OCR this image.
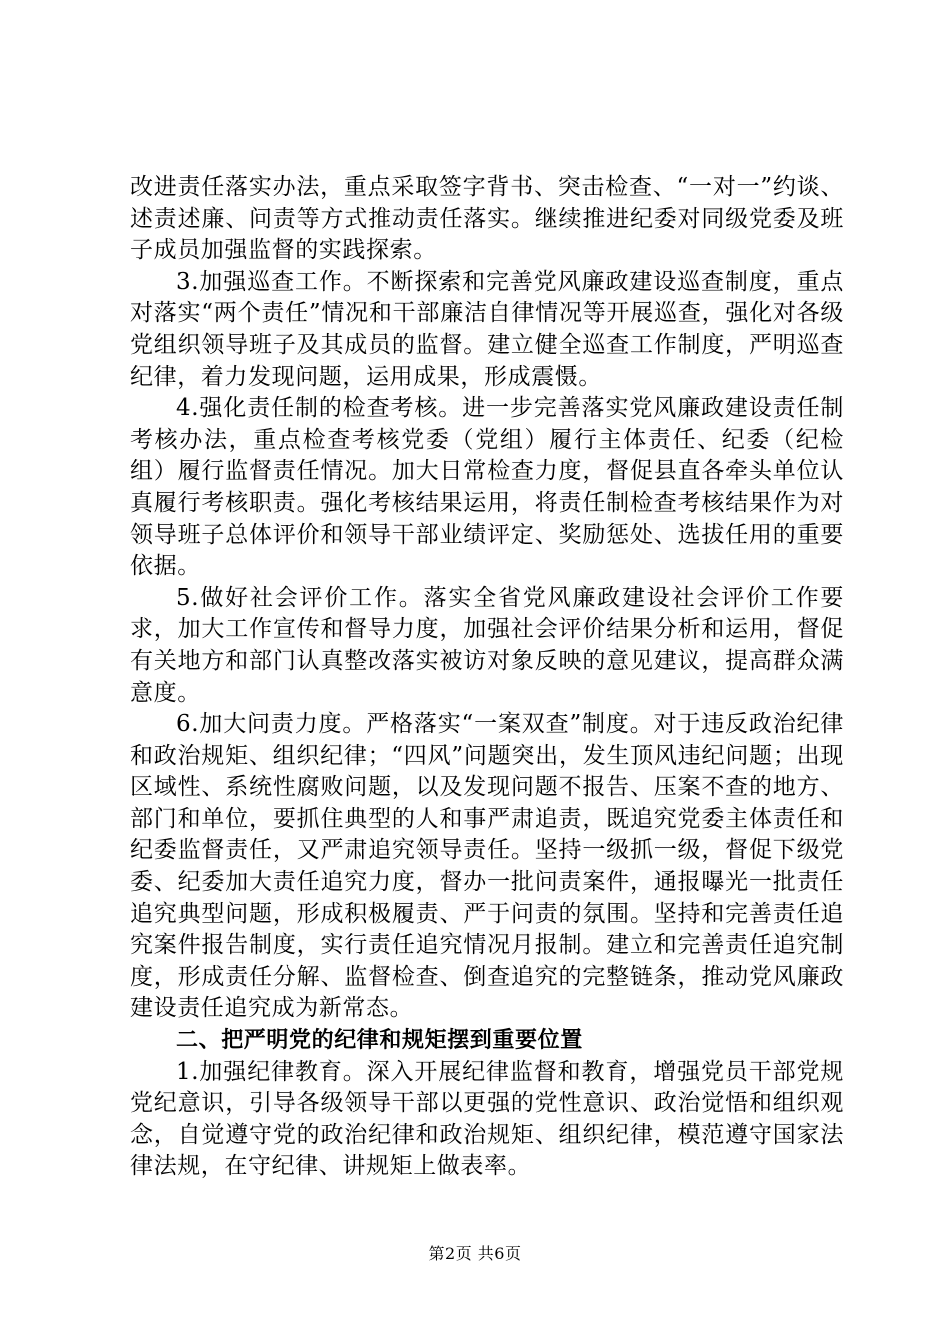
改进责任落实办法，重点采取签字背书、突击检查、“一对一”约谈、述责述廉、问责等方式推动责任落实。继续推进纪委对同级党委及班子成员加强监督的实践探索。

3.加强巡查工作。不断探索和完善党风廉政建设巡查制度，重点对落实“两个责任”情况和干部廉洁自律情况等开展巡查，强化对各级党组织领导班子及其成员的监督。建立健全巡查工作制度，严明巡查纪律，着力发现问题，运用成果，形成震慑。

4.强化责任制的检查考核。进一步完善落实党风廉政建设责任制考核办法，重点检查考核党委（党组）履行主体责任、纪委（纪检组）履行监督责任情况。加大日常检查力度，督促县直各牵头单位认真履行考核职责。强化考核结果运用，将责任制检查考核结果作为对领导班子总体评价和领导干部业绩评定、奖励惩处、选拔任用的重要依据。

5.做好社会评价工作。落实全省党风廉政建设社会评价工作要求，加大工作宣传和督导力度，加强社会评价结果分析和运用，督促有关地方和部门认真整改落实被访对象反映的意见建议，提高群众满意度。

6.加大问责力度。严格落实“一案双查”制度。对于违反政治纪律和政治规矩、组织纪律；“四风”问题突出，发生顶风违纪问题；出现区域性、系统性腐败问题，以及发现问题不报告、压案不查的地方、部门和单位，要抓住典型的人和事严肃追责，既追究党委主体责任和纪委监督责任，又严肃追究领导责任。坚持一级抓一级，督促下级党委、纪委加大责任追究力度，督办一批问责案件，通报曝光一批责任追究典型问题，形成积极履责、严于问责的氛围。坚持和完善责任追究案件报告制度，实行责任追究情况月报制。建立和完善责任追究制度，形成责任分解、监督检查、倒查追究的完整链条，推动党风廉政建设责任追究成为新常态。

二、把严明党的纪律和规矩摆到重要位置

1.加强纪律教育。深入开展纪律监督和教育，增强党员干部党规党纪意识，引导各级领导干部以更强的党性意识、政治觉悟和组织观念，自觉遵守党的政治纪律和政治规矩、组织纪律，模范遵守国家法律法规，在守纪律、讲规矩上做表率。

第2页 共6页
